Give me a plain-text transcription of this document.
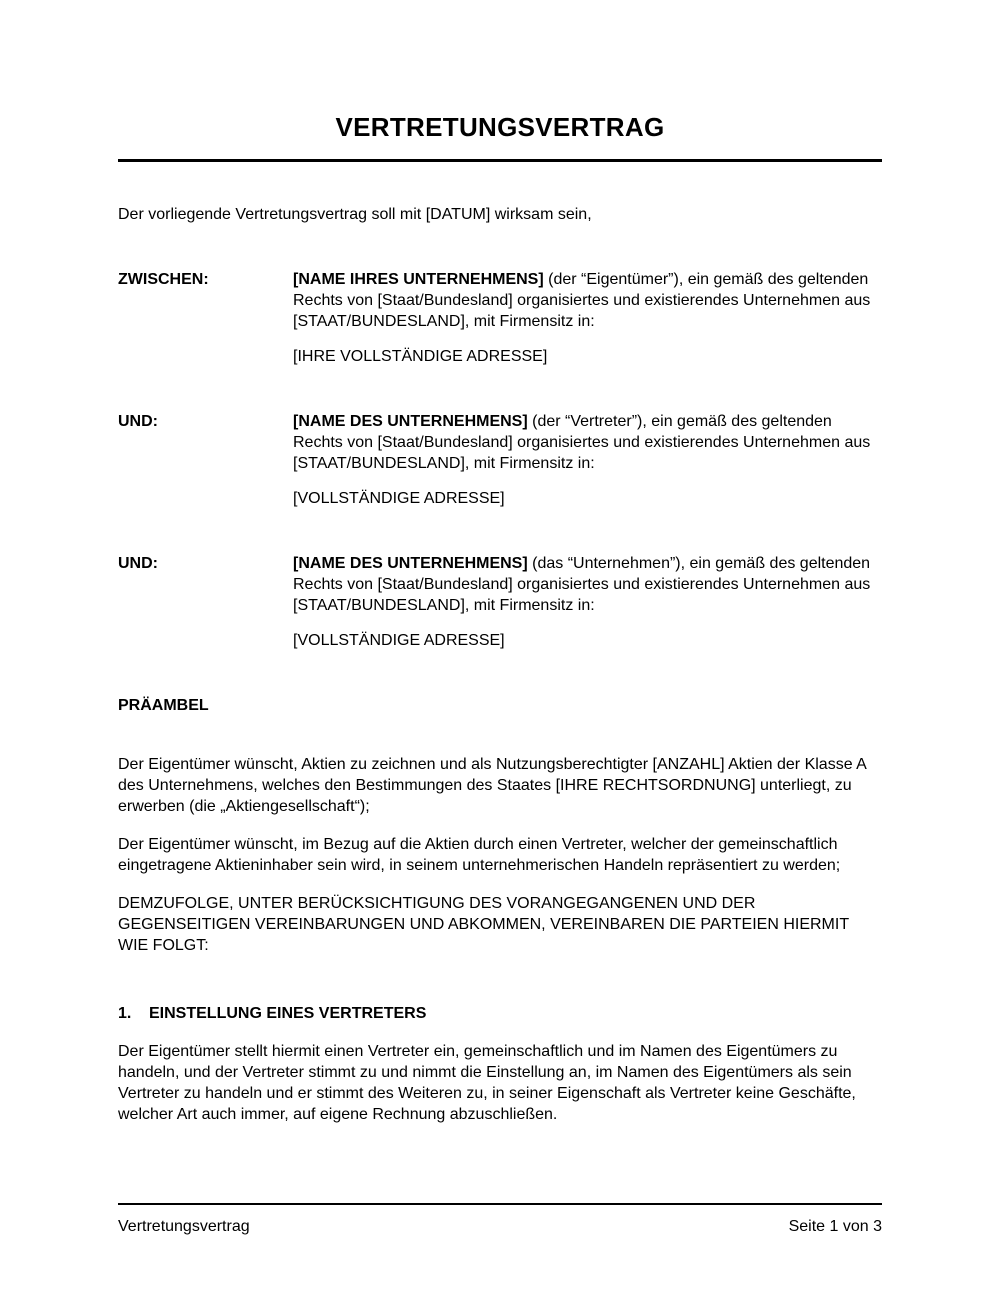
VERTRETUNGSVERTRAG

Der vorliegende Vertretungsvertrag soll mit [DATUM] wirksam sein,

ZWISCHEN:	[NAME IHRES UNTERNEHMENS] (der “Eigentümer”), ein gemäß des geltenden Rechts von [Staat/Bundesland] organisiertes und existierendes Unternehmen aus [STAAT/BUNDESLAND], mit Firmensitz in:

[IHRE VOLLSTÄNDIGE ADRESSE]

UND:	[NAME DES UNTERNEHMENS] (der “Vertreter”), ein gemäß des geltenden Rechts von [Staat/Bundesland] organisiertes und existierendes Unternehmen aus [STAAT/BUNDESLAND], mit Firmensitz in:

[VOLLSTÄNDIGE ADRESSE]

UND:	[NAME DES UNTERNEHMENS] (das “Unternehmen”), ein gemäß des geltenden Rechts von [Staat/Bundesland] organisiertes und existierendes Unternehmen aus [STAAT/BUNDESLAND], mit Firmensitz in:

[VOLLSTÄNDIGE ADRESSE]

PRÄAMBEL

Der Eigentümer wünscht, Aktien zu zeichnen und als Nutzungsberechtigter [ANZAHL] Aktien der Klasse A des Unternehmens, welches den Bestimmungen des Staates [IHRE RECHTSORDNUNG] unterliegt, zu erwerben (die „Aktiengesellschaft“);

Der Eigentümer wünscht, im Bezug auf die Aktien durch einen Vertreter, welcher der gemeinschaftlich eingetragene Aktieninhaber sein wird, in seinem unternehmerischen Handeln repräsentiert zu werden;

DEMZUFOLGE, UNTER BERÜCKSICHTIGUNG DES VORANGEGANGENEN UND DER GEGENSEITIGEN VEREINBARUNGEN UND ABKOMMEN, VEREINBAREN DIE PARTEIEN HIERMIT WIE FOLGT:

1.	EINSTELLUNG EINES VERTRETERS

Der Eigentümer stellt hiermit einen Vertreter ein, gemeinschaftlich und im Namen des Eigentümers zu handeln, und der Vertreter stimmt zu und nimmt die Einstellung an, im Namen des Eigentümers als sein Vertreter zu handeln und er stimmt des Weiteren zu, in seiner Eigenschaft als Vertreter keine Geschäfte, welcher Art auch immer, auf eigene Rechnung abzuschließen.

Vertretungsvertrag	Seite 1 von 3
